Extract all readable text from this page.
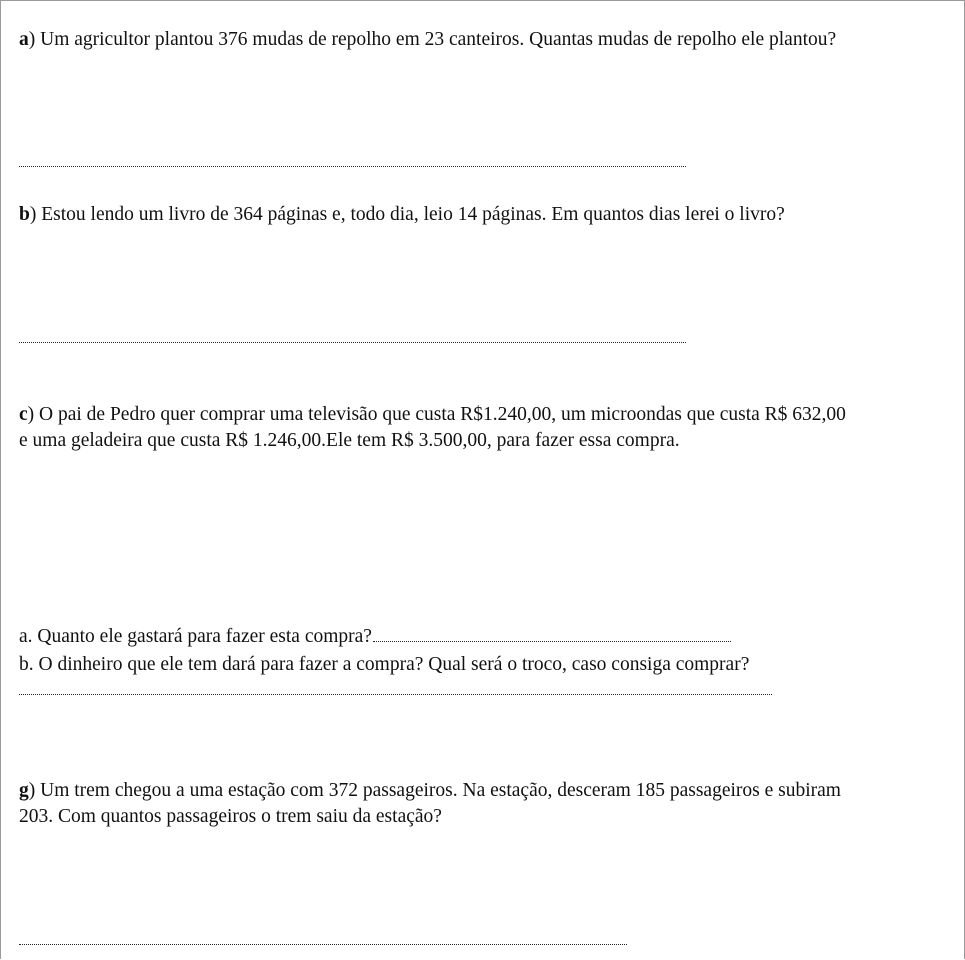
a) Um agricultor plantou 376 mudas de repolho em 23 canteiros. Quantas mudas de repolho ele plantou?
b) Estou lendo um livro de 364 páginas e, todo dia, leio 14 páginas. Em quantos dias lerei o livro?
c) O pai de Pedro quer comprar uma televisão que custa R$1.240,00, um microondas que custa R$ 632,00
e uma geladeira que custa R$ 1.246,00.Ele tem R$ 3.500,00, para fazer essa compra.
a. Quanto ele gastará para fazer esta compra?
b. O dinheiro que ele tem dará para fazer a compra? Qual será o troco, caso consiga comprar?
g) Um trem chegou a uma estação com 372 passageiros. Na estação, desceram 185 passageiros e subiram
203. Com quantos passageiros o trem saiu da estação?
